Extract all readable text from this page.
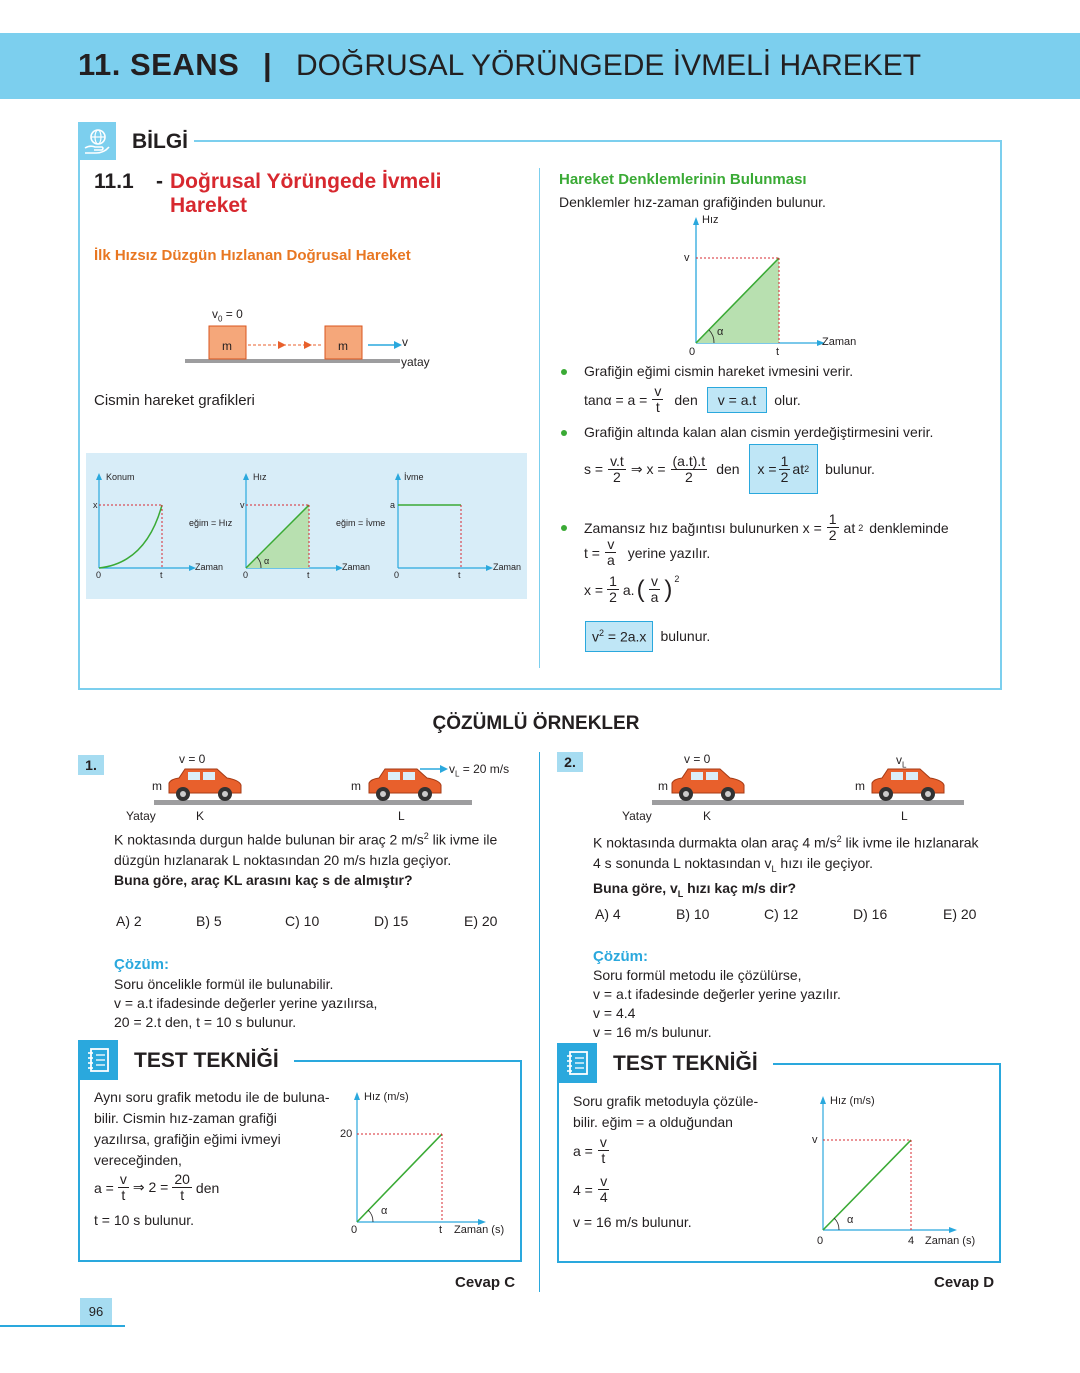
11. SEANS | DOĞRUSAL YÖRÜNGEDE İVMELİ HAREKET
BİLGİ
11.1 - Doğrusal Yörüngede İvmeli
Hareket
İlk Hızsız Düzgün Hızlanan Doğrusal Hareket
$v_0 = 0$
m	m	v
yatay
Cismin hareket grafikleri
Konum
x
Zaman
t
0
eğim = Hız
Hız
v
Zaman
t
0
α
eğim = İvme
İvme
a
Zaman
t
0
Hareket Denklemlerinin Bulunması
Denklemler hız-zaman grafiğinden bulunur.
Hız
v
Zaman
t
0
α
Grafiğin eğimi cismin hareket ivmesini verir.
$\tan\alpha = a = \frac{v}{t}$ den	v = a.t	olur.
Grafiğin altında kalan alan cismin yerdeğiştirmesini verir.
$s = \frac{v.t}{2}$ ⇒ $x = \frac{(a.t).t}{2}$ den $x = \frac{1}{2}$ at 2 bulunur.
Zamansız hız bağıntısı bulunurken $x = \frac{1}{2}$ at 2 denkleminde
$t = \frac{v}{a}$ yerine yazılır.
$x = \frac{1}{2} a$. ( $\frac{v}{a} )^2$
$v^2 = 2a.x$	bulunur.
ÇÖZÜMLÜ ÖRNEKLER
1.	v = 0
$v_L = 20$ m/s
m	m
Yatay	K	L
K noktasında durgun halde bulunan bir araç 2 $m/s^2$ lik ivme ile
düzgün hızlanarak L noktasından 20 m/s hızla geçiyor.
Buna göre, araç KL arasını kaç s de almıştır?
A) 2	B) 5	C) 10	D) 15	E) 20
Çözüm:
Soru öncelikle formül ile bulunabilir.
v = a.t ifadesinde değerler yerine yazılırsa,
20 = 2.t den, t = 10 s bulunur.
TEST TEKNİĞİ
Aynı soru grafik metodu ile de buluna-
bilir. Cismin hız-zaman grafiği
yazılırsa, grafiğin eğimi ivmeyi
vereceğinden,
$a = \frac{v}{t}$ ⇒ $2 = \frac{20}{t}$ den
t = 10 s bulunur.
Hız (m/s)
20
Zaman (s)
t
0
α
Cevap C
2.	v = 0	$v_L$
m	m
Yatay	K	L
K noktasında durmakta olan araç 4 $m/s^2$ lik ivme ile hızlanarak
4 s sonunda L noktasından $v_L$ hızı ile geçiyor.
Buna göre, $v_L$ hızı kaç m/s dir?
A) 4	B) 10	C) 12	D) 16	E) 20
Çözüm:
Soru formül metodu ile çözülürse,
v = a.t ifadesinde değerler yerine yazılır.
v = 4.4
v = 16 m/s bulunur.
TEST TEKNİĞİ
Soru grafik metoduyla çözüle-
bilir. eğim = a olduğundan
$a = \frac{v}{t}$
$4 = \frac{v}{4}$
v = 16 m/s bulunur.
Hız (m/s)
v
Zaman (s)
4
0
α
Cevap D
96
